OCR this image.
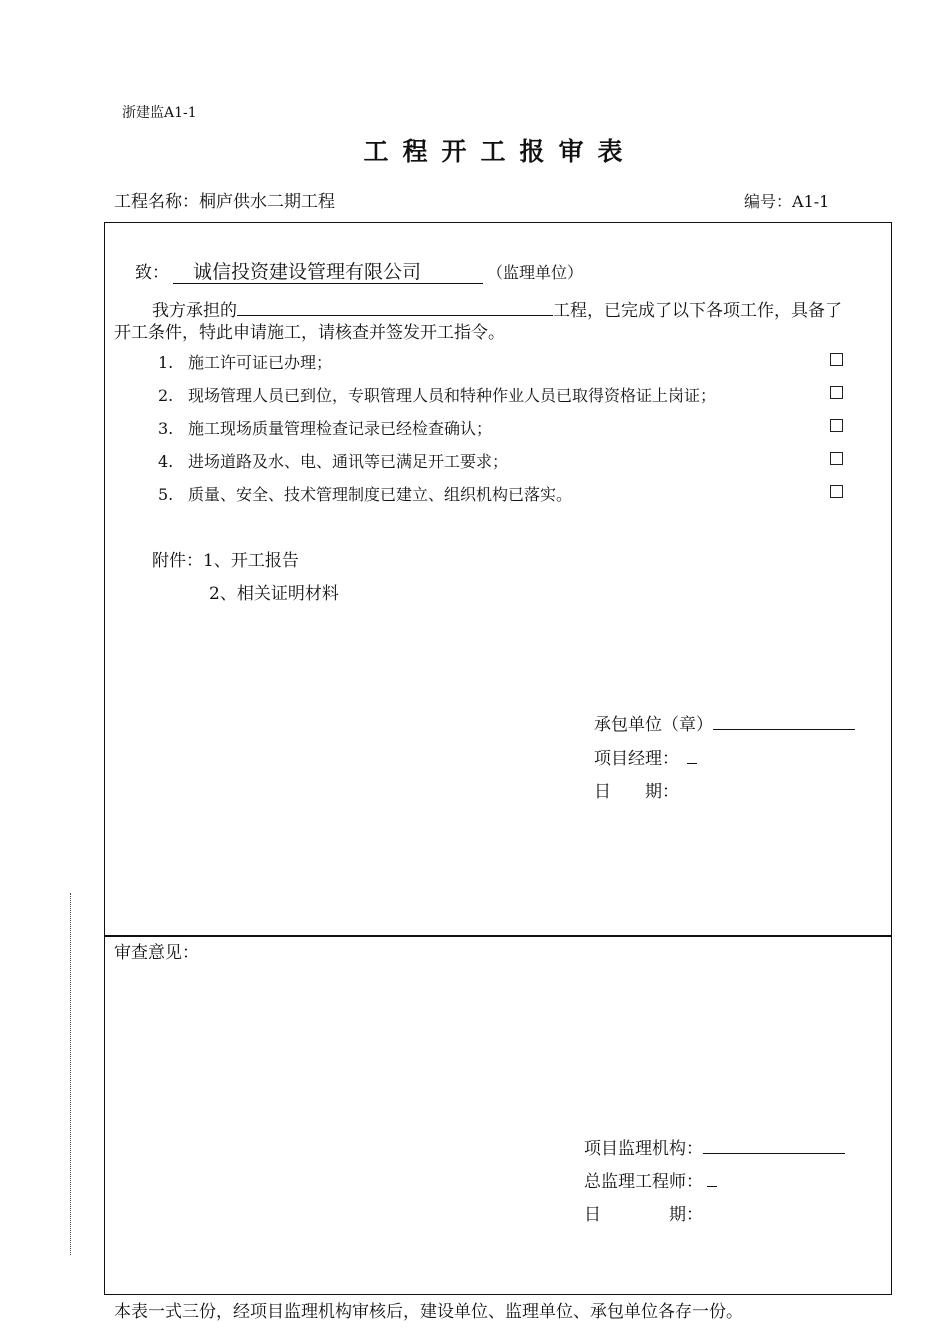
浙建监A1-1
工程开工报审表
工程名称：桐庐供水二期工程	编号：A1-1
致： 诚信投资建设管理有限公司	（监理单位）
我方承担的	工程，已完成了以下各项工作，具备了
开工条件，特此申请施工，请核查并签发开工指令。
1. 施工许可证已办理；
2. 现场管理人员已到位，专职管理人员和特种作业人员已取得资格证上岗证；
3. 施工现场质量管理检查记录已经检查确认；
4. 进场道路及水、电、通讯等已满足开工要求；
5. 质量、安全、技术管理制度已建立、组织机构已落实。
附件：1、开工报告
2、相关证明材料
承包单位（章）
项目经理：
日　　期：
审查意见：
项目监理机构：
总监理工程师：
日　　　　期：
本表一式三份，经项目监理机构审核后，建设单位、监理单位、承包单位各存一份。
